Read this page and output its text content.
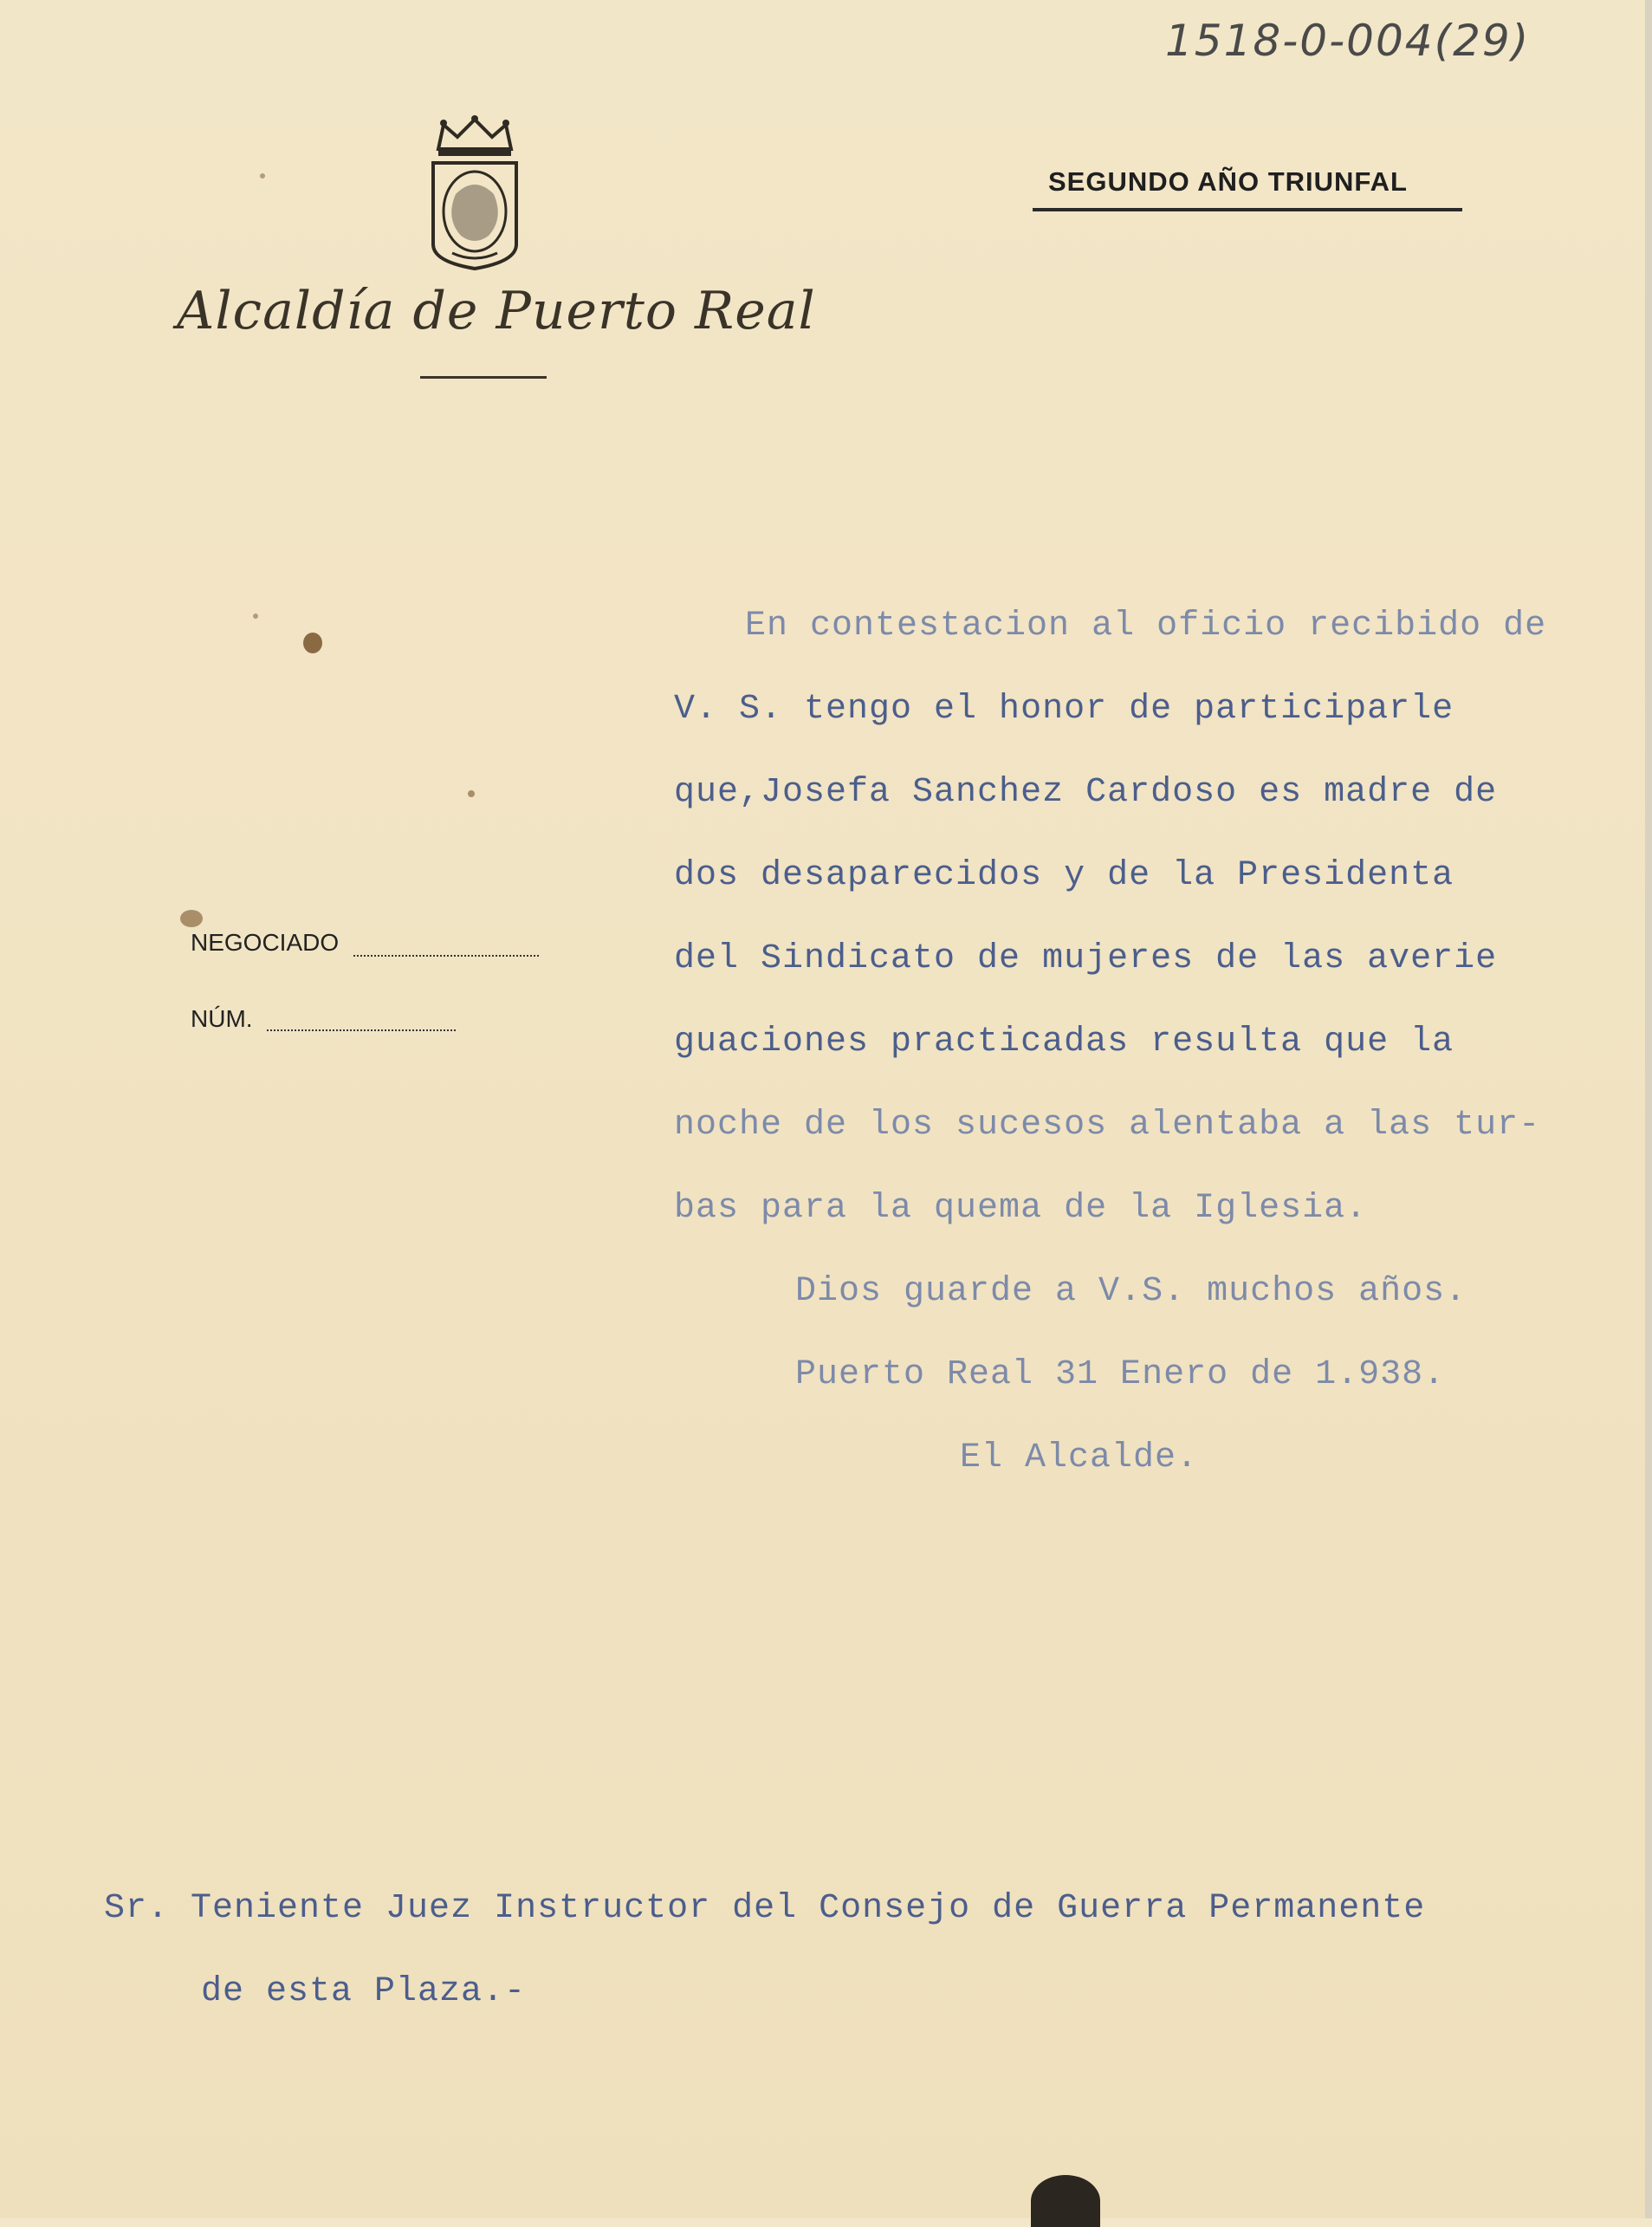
1518-0-004(29)
Alcaldía de Puerto Real
SEGUNDO AÑO TRIUNFAL
NEGOCIADO
NÚM.
En contestacion al oficio recibido de
V. S. tengo el honor de participarle
que,Josefa Sanchez Cardoso es madre de
dos desaparecidos y de la Presidenta
del Sindicato de mujeres de las averie
guaciones practicadas resulta que la
noche de los sucesos alentaba a las tur-
bas para la quema de la Iglesia.
Dios guarde a V.S. muchos años.
Puerto Real 31 Enero de 1.938.
El Alcalde.
Sr. Teniente Juez Instructor del Consejo de Guerra Permanente
de esta Plaza.-
